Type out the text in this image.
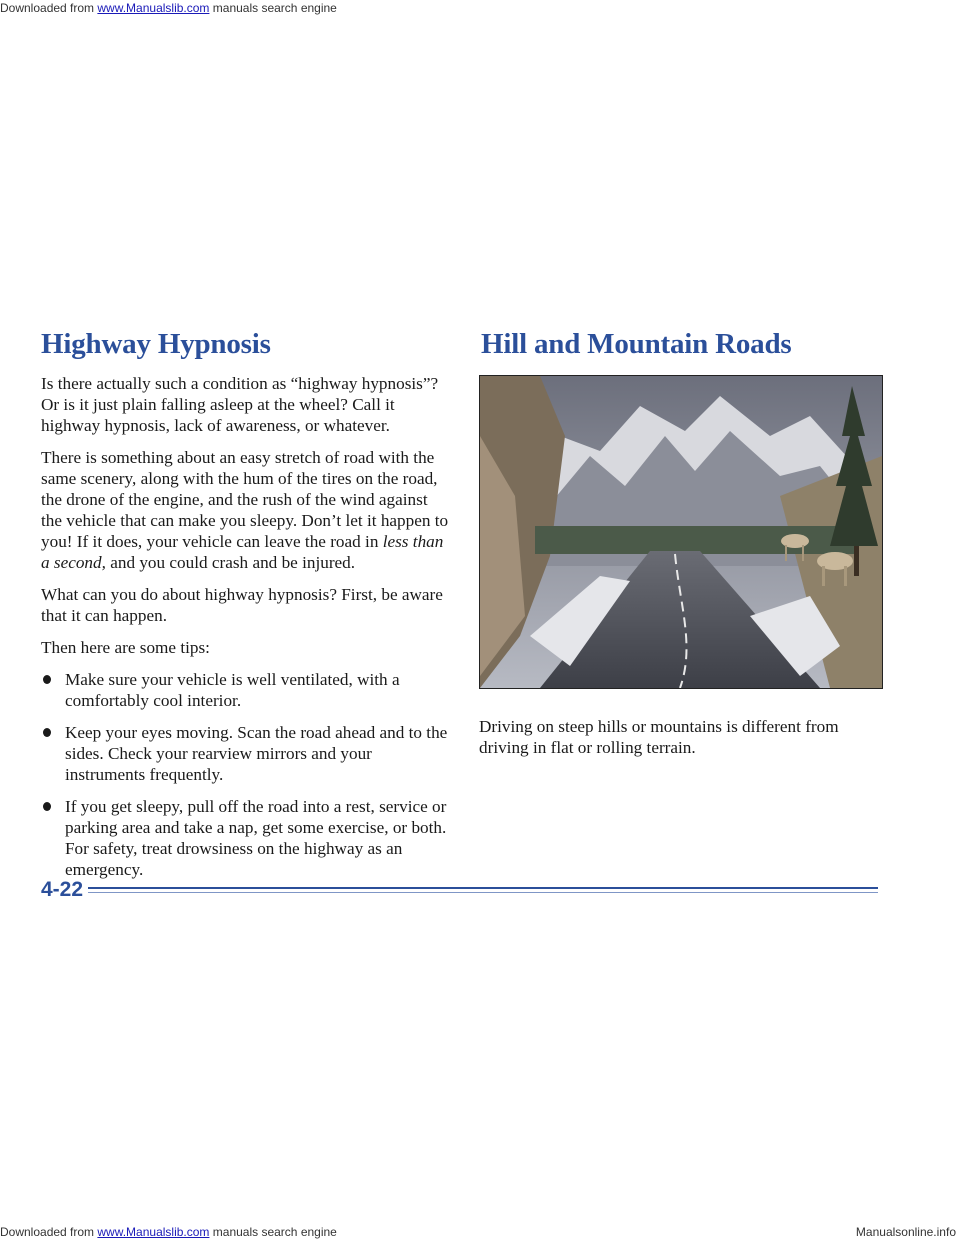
Downloaded from www.Manualslib.com manuals search engine
Highway Hypnosis

Is there actually such a condition as “highway hypnosis”? Or is it just plain falling asleep at the wheel? Call it highway hypnosis, lack of awareness, or whatever.

There is something about an easy stretch of road with the same scenery, along with the hum of the tires on the road, the drone of the engine, and the rush of the wind against the vehicle that can make you sleepy. Don’t let it happen to you! If it does, your vehicle can leave the road in less than a second, and you could crash and be injured.

What can you do about highway hypnosis? First, be aware that it can happen.

Then here are some tips:

Make sure your vehicle is well ventilated, with a comfortably cool interior.
Keep your eyes moving. Scan the road ahead and to the sides. Check your rearview mirrors and your instruments frequently.
If you get sleepy, pull off the road into a rest, service or parking area and take a nap, get some exercise, or both. For safety, treat drowsiness on the highway as an emergency.
Hill and Mountain Roads

Driving on steep hills or mountains is different from driving in flat or rolling terrain.

4-22
Downloaded from www.Manualslib.com manuals search engine	Manualsonline.info
